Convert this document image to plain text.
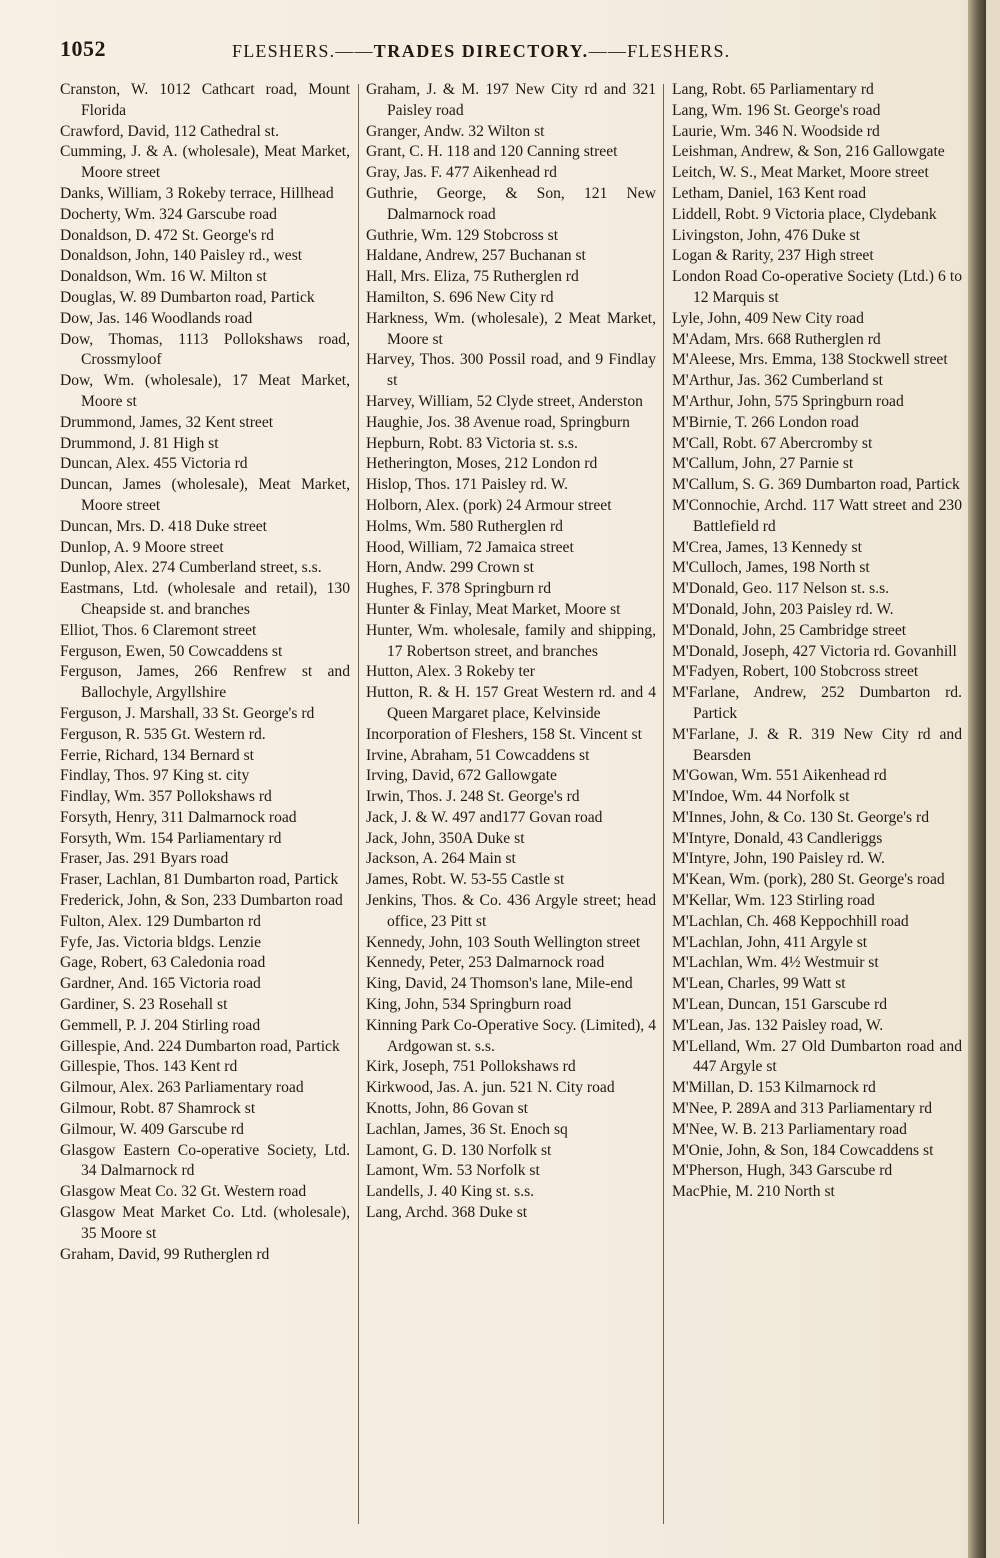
1052	FLESHERS.——TRADES DIRECTORY.——FLESHERS.
Cranston, W. 1012 Cathcart road, Mount Florida
Crawford, David, 112 Cathedral st.
Cumming, J. & A. (wholesale), Meat Market, Moore street
Danks, William, 3 Rokeby terrace, Hillhead
Docherty, Wm. 324 Garscube road
Donaldson, D. 472 St. George's rd
Donaldson, John, 140 Paisley rd., west
Donaldson, Wm. 16 W. Milton st
Douglas, W. 89 Dumbarton road, Partick
Dow, Jas. 146 Woodlands road
Dow, Thomas, 1113 Pollokshaws road, Crossmyloof
Dow, Wm. (wholesale), 17 Meat Market, Moore st
Drummond, James, 32 Kent street
Drummond, J. 81 High st
Duncan, Alex. 455 Victoria rd
Duncan, James (wholesale), Meat Market, Moore street
Duncan, Mrs. D. 418 Duke street
Dunlop, A. 9 Moore street
Dunlop, Alex. 274 Cumberland street, s.s.
Eastmans, Ltd. (wholesale and retail), 130 Cheapside st. and branches
Elliot, Thos. 6 Claremont street
Ferguson, Ewen, 50 Cowcaddens st
Ferguson, James, 266 Renfrew st and Ballochyle, Argyllshire
Ferguson, J. Marshall, 33 St. George's rd
Ferguson, R. 535 Gt. Western rd.
Ferrie, Richard, 134 Bernard st
Findlay, Thos. 97 King st. city
Findlay, Wm. 357 Pollokshaws rd
Forsyth, Henry, 311 Dalmarnock road
Forsyth, Wm. 154 Parliamentary rd
Fraser, Jas. 291 Byars road
Fraser, Lachlan, 81 Dumbarton road, Partick
Frederick, John, & Son, 233 Dumbarton road
Fulton, Alex. 129 Dumbarton rd
Fyfe, Jas. Victoria bldgs. Lenzie
Gage, Robert, 63 Caledonia road
Gardner, And. 165 Victoria road
Gardiner, S. 23 Rosehall st
Gemmell, P. J. 204 Stirling road
Gillespie, And. 224 Dumbarton road, Partick
Gillespie, Thos. 143 Kent rd
Gilmour, Alex. 263 Parliamentary road
Gilmour, Robt. 87 Shamrock st
Gilmour, W. 409 Garscube rd
Glasgow Eastern Co-operative Society, Ltd. 34 Dalmarnock rd
Glasgow Meat Co. 32 Gt. Western road
Glasgow Meat Market Co. Ltd. (wholesale), 35 Moore st
Graham, David, 99 Rutherglen rd
Graham, J. & M. 197 New City rd and 321 Paisley road
Granger, Andw. 32 Wilton st
Grant, C. H. 118 and 120 Canning street
Gray, Jas. F. 477 Aikenhead rd
Guthrie, George, & Son, 121 New Dalmarnock road
Guthrie, Wm. 129 Stobcross st
Haldane, Andrew, 257 Buchanan st
Hall, Mrs. Eliza, 75 Rutherglen rd
Hamilton, S. 696 New City rd
Harkness, Wm. (wholesale), 2 Meat Market, Moore st
Harvey, Thos. 300 Possil road, and 9 Findlay st
Harvey, William, 52 Clyde street, Anderston
Haughie, Jos. 38 Avenue road, Springburn
Hepburn, Robt. 83 Victoria st. s.s.
Hetherington, Moses, 212 London rd
Hislop, Thos. 171 Paisley rd. W.
Holborn, Alex. (pork) 24 Armour street
Holms, Wm. 580 Rutherglen rd
Hood, William, 72 Jamaica street
Horn, Andw. 299 Crown st
Hughes, F. 378 Springburn rd
Hunter & Finlay, Meat Market, Moore st
Hunter, Wm. wholesale, family and shipping, 17 Robertson street, and branches
Hutton, Alex. 3 Rokeby ter
Hutton, R. & H. 157 Great Western rd. and 4 Queen Margaret place, Kelvinside
Incorporation of Fleshers, 158 St. Vincent st
Irvine, Abraham, 51 Cowcaddens st
Irving, David, 672 Gallowgate
Irwin, Thos. J. 248 St. George's rd
Jack, J. & W. 497 and177 Govan road
Jack, John, 350A Duke st
Jackson, A. 264 Main st
James, Robt. W. 53-55 Castle st
Jenkins, Thos. & Co. 436 Argyle street; head office, 23 Pitt st
Kennedy, John, 103 South Wellington street
Kennedy, Peter, 253 Dalmarnock road
King, David, 24 Thomson's lane, Mile-end
King, John, 534 Springburn road
Kinning Park Co-Operative Socy. (Limited), 4 Ardgowan st. s.s.
Kirk, Joseph, 751 Pollokshaws rd
Kirkwood, Jas. A. jun. 521 N. City road
Knotts, John, 86 Govan st
Lachlan, James, 36 St. Enoch sq
Lamont, G. D. 130 Norfolk st
Lamont, Wm. 53 Norfolk st
Landells, J. 40 King st. s.s.
Lang, Archd. 368 Duke st
Lang, Robt. 65 Parliamentary rd
Lang, Wm. 196 St. George's road
Laurie, Wm. 346 N. Woodside rd
Leishman, Andrew, & Son, 216 Gallowgate
Leitch, W. S., Meat Market, Moore street
Letham, Daniel, 163 Kent road
Liddell, Robt. 9 Victoria place, Clydebank
Livingston, John, 476 Duke st
Logan & Rarity, 237 High street
London Road Co-operative Society (Ltd.) 6 to 12 Marquis st
Lyle, John, 409 New City road
M'Adam, Mrs. 668 Rutherglen rd
M'Aleese, Mrs. Emma, 138 Stockwell street
M'Arthur, Jas. 362 Cumberland st
M'Arthur, John, 575 Springburn road
M'Birnie, T. 266 London road
M'Call, Robt. 67 Abercromby st
M'Callum, John, 27 Parnie st
M'Callum, S. G. 369 Dumbarton road, Partick
M'Connochie, Archd. 117 Watt street and 230 Battlefield rd
M'Crea, James, 13 Kennedy st
M'Culloch, James, 198 North st
M'Donald, Geo. 117 Nelson st. s.s.
M'Donald, John, 203 Paisley rd. W.
M'Donald, John, 25 Cambridge street
M'Donald, Joseph, 427 Victoria rd. Govanhill
M'Fadyen, Robert, 100 Stobcross street
M'Farlane, Andrew, 252 Dumbarton rd. Partick
M'Farlane, J. & R. 319 New City rd and Bearsden
M'Gowan, Wm. 551 Aikenhead rd
M'Indoe, Wm. 44 Norfolk st
M'Innes, John, & Co. 130 St. George's rd
M'Intyre, Donald, 43 Candleriggs
M'Intyre, John, 190 Paisley rd. W.
M'Kean, Wm. (pork), 280 St. George's road
M'Kellar, Wm. 123 Stirling road
M'Lachlan, Ch. 468 Keppochhill road
M'Lachlan, John, 411 Argyle st
M'Lachlan, Wm. 4½ Westmuir st
M'Lean, Charles, 99 Watt st
M'Lean, Duncan, 151 Garscube rd
M'Lean, Jas. 132 Paisley road, W.
M'Lelland, Wm. 27 Old Dumbarton road and 447 Argyle st
M'Millan, D. 153 Kilmarnock rd
M'Nee, P. 289A and 313 Parliamentary rd
M'Nee, W. B. 213 Parliamentary road
M'Onie, John, & Son, 184 Cowcaddens st
M'Pherson, Hugh, 343 Garscube rd
MacPhie, M. 210 North st
